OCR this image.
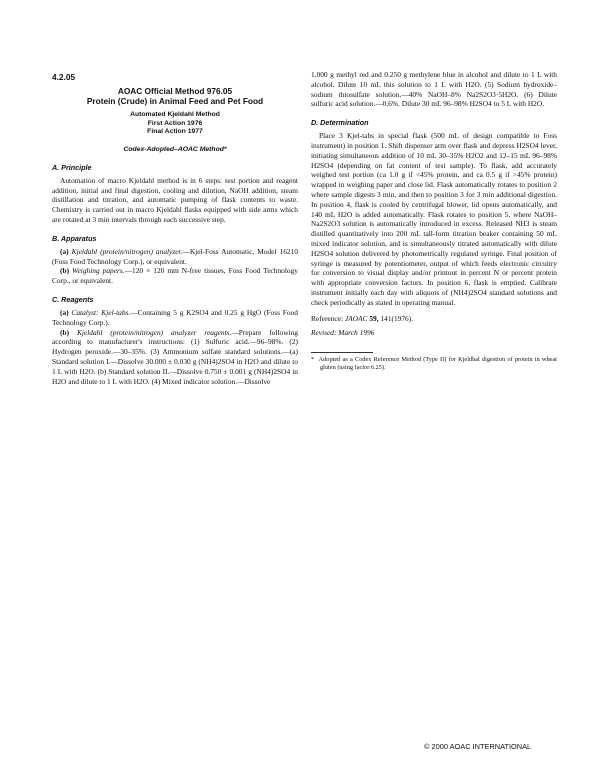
4.2.05
AOAC Official Method 976.05
Protein (Crude) in Animal Feed and Pet Food
Automated Kjeldahl Method
First Action 1976
Final Action 1977
Codex-Adopted–AOAC Method*
A. Principle

Automation of macro Kjeldahl method is in 6 steps: test portion and reagent addition, initial and final digestion, cooling and dilution, NaOH addition, steam distillation and titration, and automatic pumping of flask contents to waste. Chemistry is carried out in macro Kjeldahl flasks equipped with side arms which are rotated at 3 min intervals through each successive step.

B. Apparatus

(a) Kjeldahl (protein/nitrogen) analyzer.—Kjel-Foss Automatic, Model 16210 (Foss Food Technology Corp.), or equivalent.

(b) Weighing papers.—120 × 120 mm N-free tissues, Foss Food Technology Corp., or equivalent.

C. Reagents

(a) Catalyst: Kjel-tabs.—Containing 5 g K2SO4 and 0.25 g HgO (Foss Food Technology Corp.).

(b) Kjeldahl (protein/nitrogen) analyzer reagents.—Prepare following according to manufacturer's instructions: (1) Sulfuric acid.—96–98%. (2) Hydrogen peroxide.—30–35%. (3) Ammonium sulfate standard solutions.—(a) Standard solution I.—Dissolve 30.000 ± 0.030 g (NH4)2SO4 in H2O and dilute to 1 L with H2O. (b) Standard solution II.—Dissolve 0.750 ± 0.001 g (NH4)2SO4 in H2O and dilute to 1 L with H2O. (4) Mixed indicator solution.—Dissolve

1.000 g methyl red and 0.250 g methylene blue in alcohol and dilute to 1 L with alcohol. Dilute 10 mL this solution to 1 L with H2O. (5) Sodium hydroxide–sodium thiosulfate solution.—40% NaOH–8% Na2S2O3·5H2O. (6) Dilute sulfuric acid solution.—0.6%. Dilute 30 mL 96–98% H2SO4 to 5 L with H2O.

D. Determination

Place 3 Kjel-tabs in special flask (500 mL of design compatible to Foss instrument) in position 1. Shift dispenser arm over flask and depress H2SO4 lever, initiating simultaneous addition of 10 mL 30–35% H2O2 and 12–15 mL 96–98% H2SO4 (depending on fat content of test sample). To flask, add accurately weighed test portion (ca 1.0 g if <45% protein, and ca 0.5 g if >45% protein) wrapped in weighing paper and close lid. Flask automatically rotates to position 2 where sample digests 3 min, and then to position 3 for 3 min additional digestion. In position 4, flask is cooled by centrifugal blower, lid opens automatically, and 140 mL H2O is added automatically. Flask rotates to position 5, where NaOH–Na2S2O3 solution is automatically introduced in excess. Released NH3 is steam distilled quantitatively into 200 mL tall-form titration beaker containing 50 mL mixed indicator solution, and is simultaneously titrated automatically with dilute H2SO4 solution delivered by photometrically regulated syringe. Final position of syringe is measured by potentiometer, output of which feeds electronic circuitry for conversion to visual display and/or printout in percent N or percent protein with appropriate conversion factors. In position 6, flask is emptied. Calibrate instrument initially each day with aliquots of (NH4)2SO4 standard solutions and check periodically as stated in operating manual.

Reference: JAOAC 59, 141(1976).

Revised: March 1996

* Adopted as a Codex Reference Method (Type II) for Kjeldhal digestion of protein in wheat gluten (using factor 6.25).

© 2000 AOAC INTERNATIONAL
